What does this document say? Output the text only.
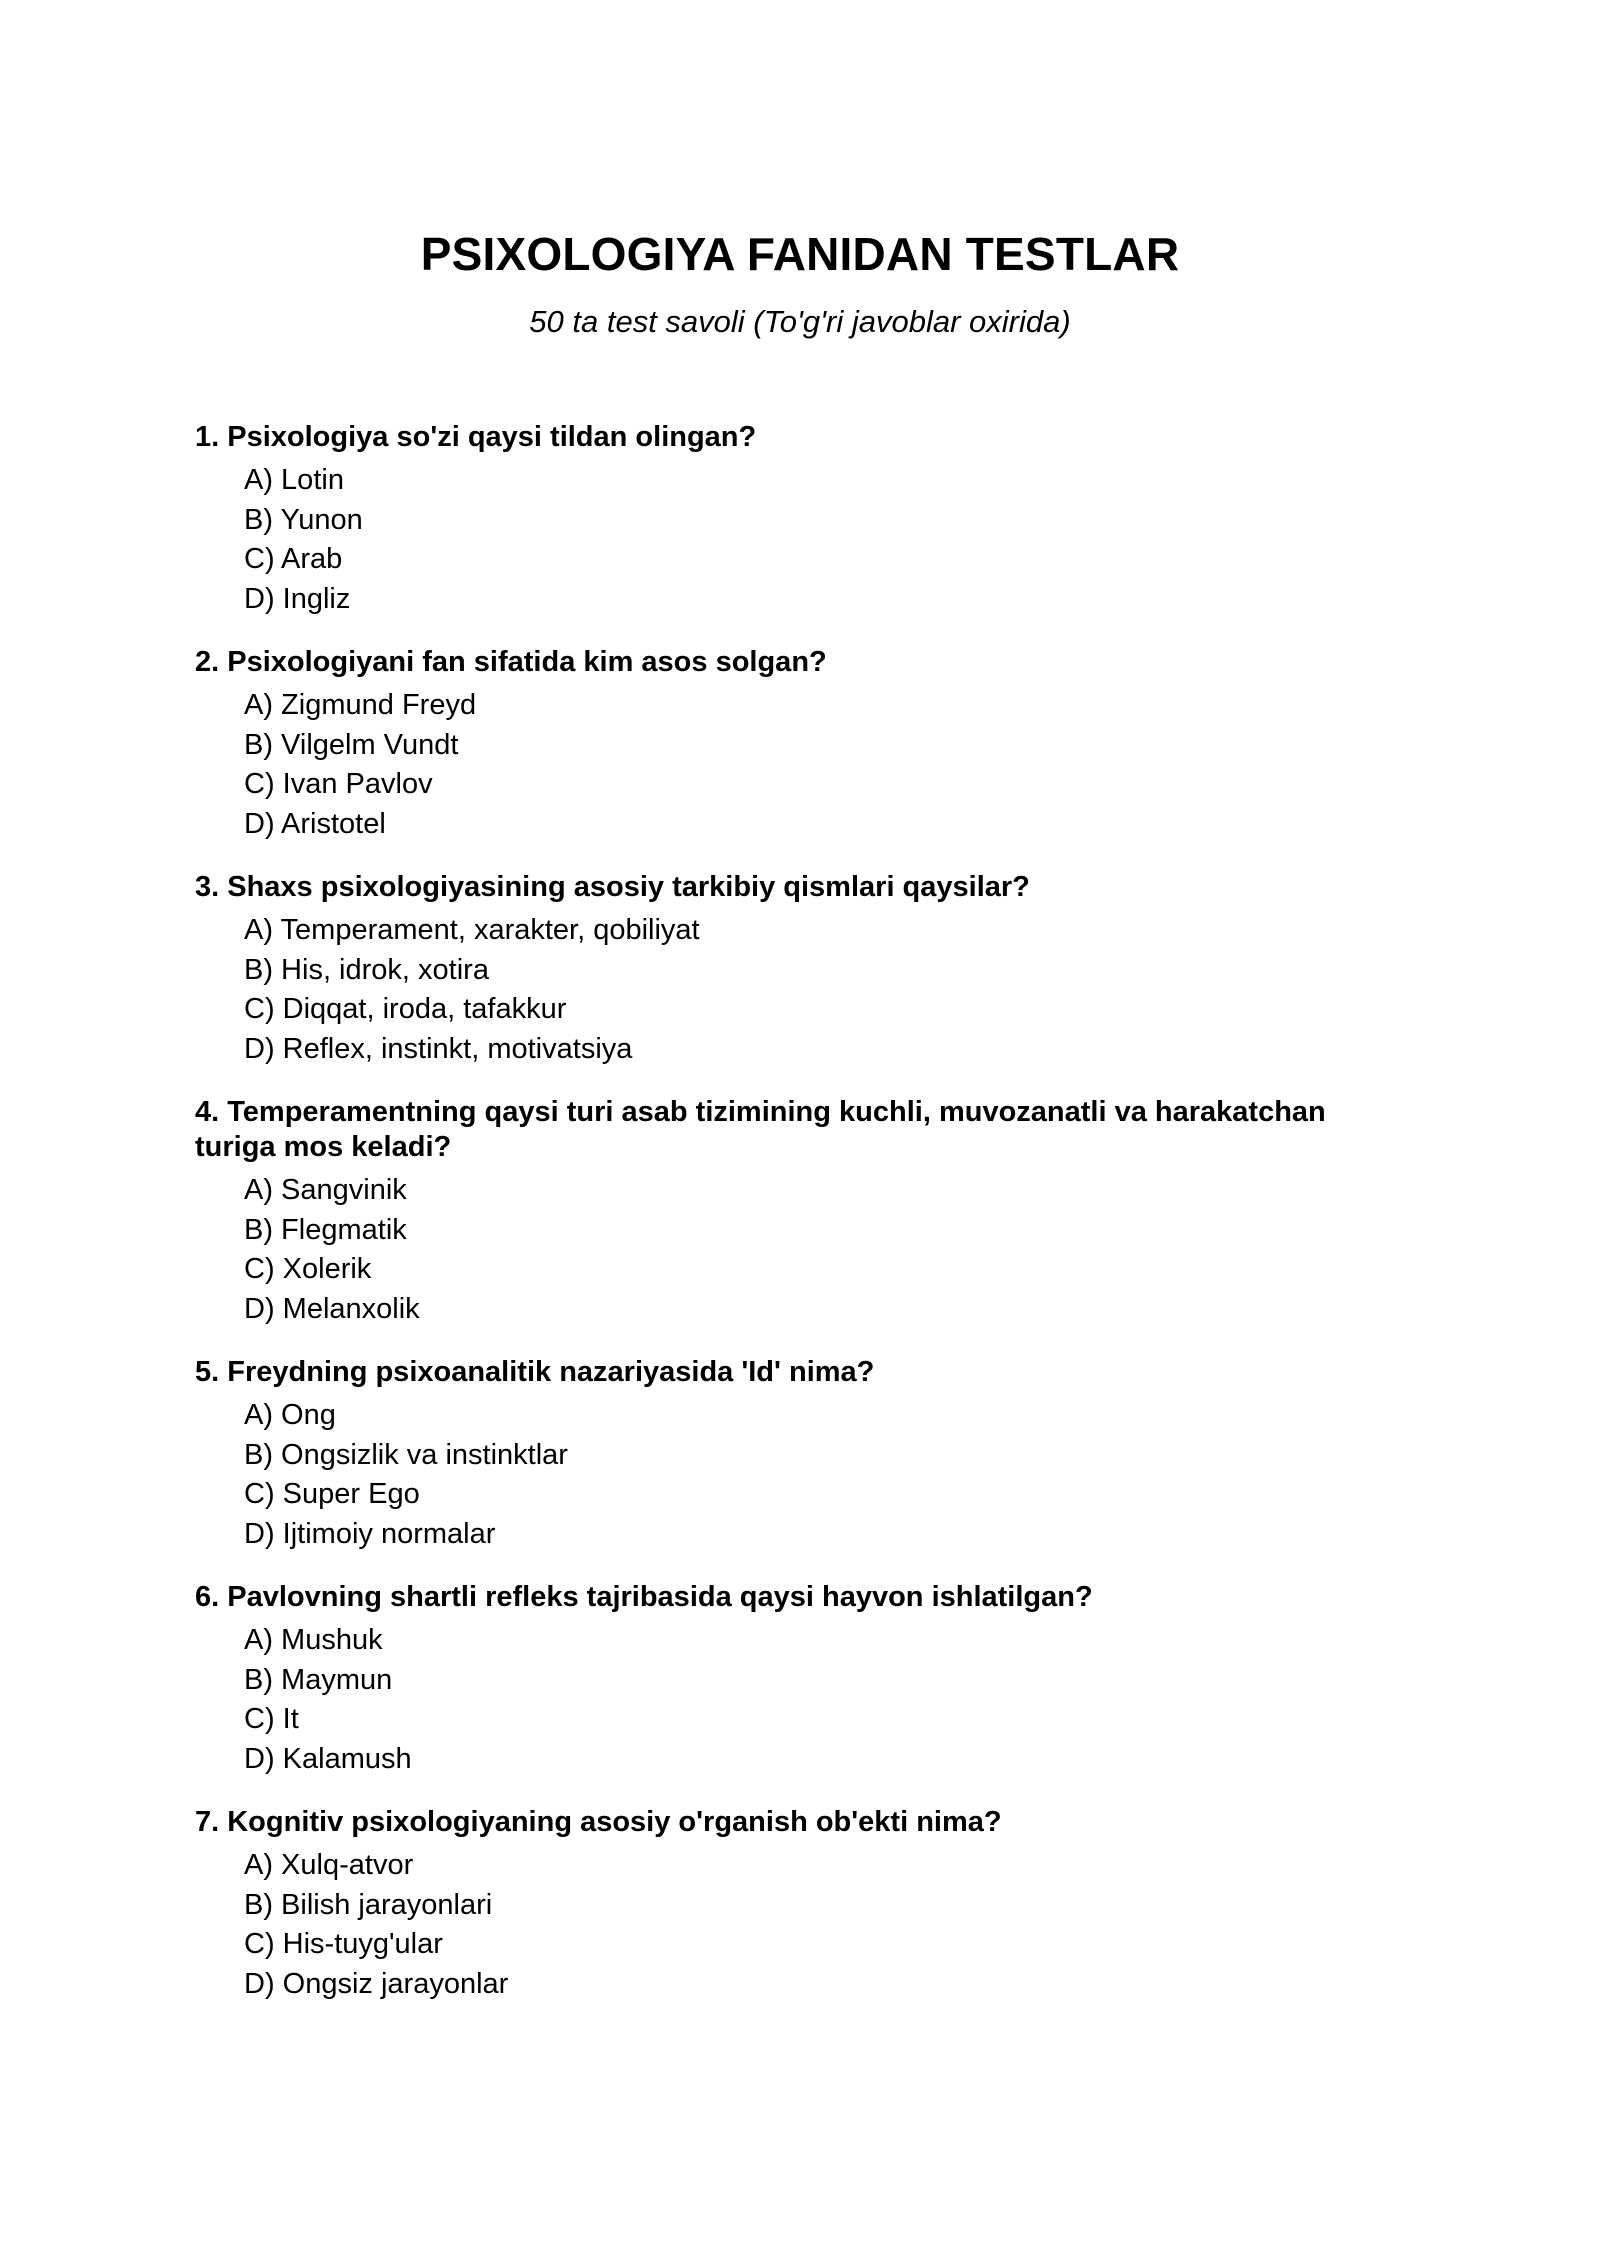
PSIXOLOGIYA FANIDAN TESTLAR
50 ta test savoli (To'g'ri javoblar oxirida)
1. Psixologiya so'zi qaysi tildan olingan?
A) Lotin
B) Yunon
C) Arab
D) Ingliz
2. Psixologiyani fan sifatida kim asos solgan?
A) Zigmund Freyd
B) Vilgelm Vundt
C) Ivan Pavlov
D) Aristotel
3. Shaxs psixologiyasining asosiy tarkibiy qismlari qaysilar?
A) Temperament, xarakter, qobiliyat
B) His, idrok, xotira
C) Diqqat, iroda, tafakkur
D) Reflex, instinkt, motivatsiya
4. Temperamentning qaysi turi asab tizimining kuchli, muvozanatli va harakatchan turiga mos keladi?
A) Sangvinik
B) Flegmatik
C) Xolerik
D) Melanxolik
5. Freydning psixoanalitik nazariyasida 'Id' nima?
A) Ong
B) Ongsizlik va instinktlar
C) Super Ego
D) Ijtimoiy normalar
6. Pavlovning shartli refleks tajribasida qaysi hayvon ishlatilgan?
A) Mushuk
B) Maymun
C) It
D) Kalamush
7. Kognitiv psixologiyaning asosiy o'rganish ob'ekti nima?
A) Xulq-atvor
B) Bilish jarayonlari
C) His-tuyg'ular
D) Ongsiz jarayonlar
